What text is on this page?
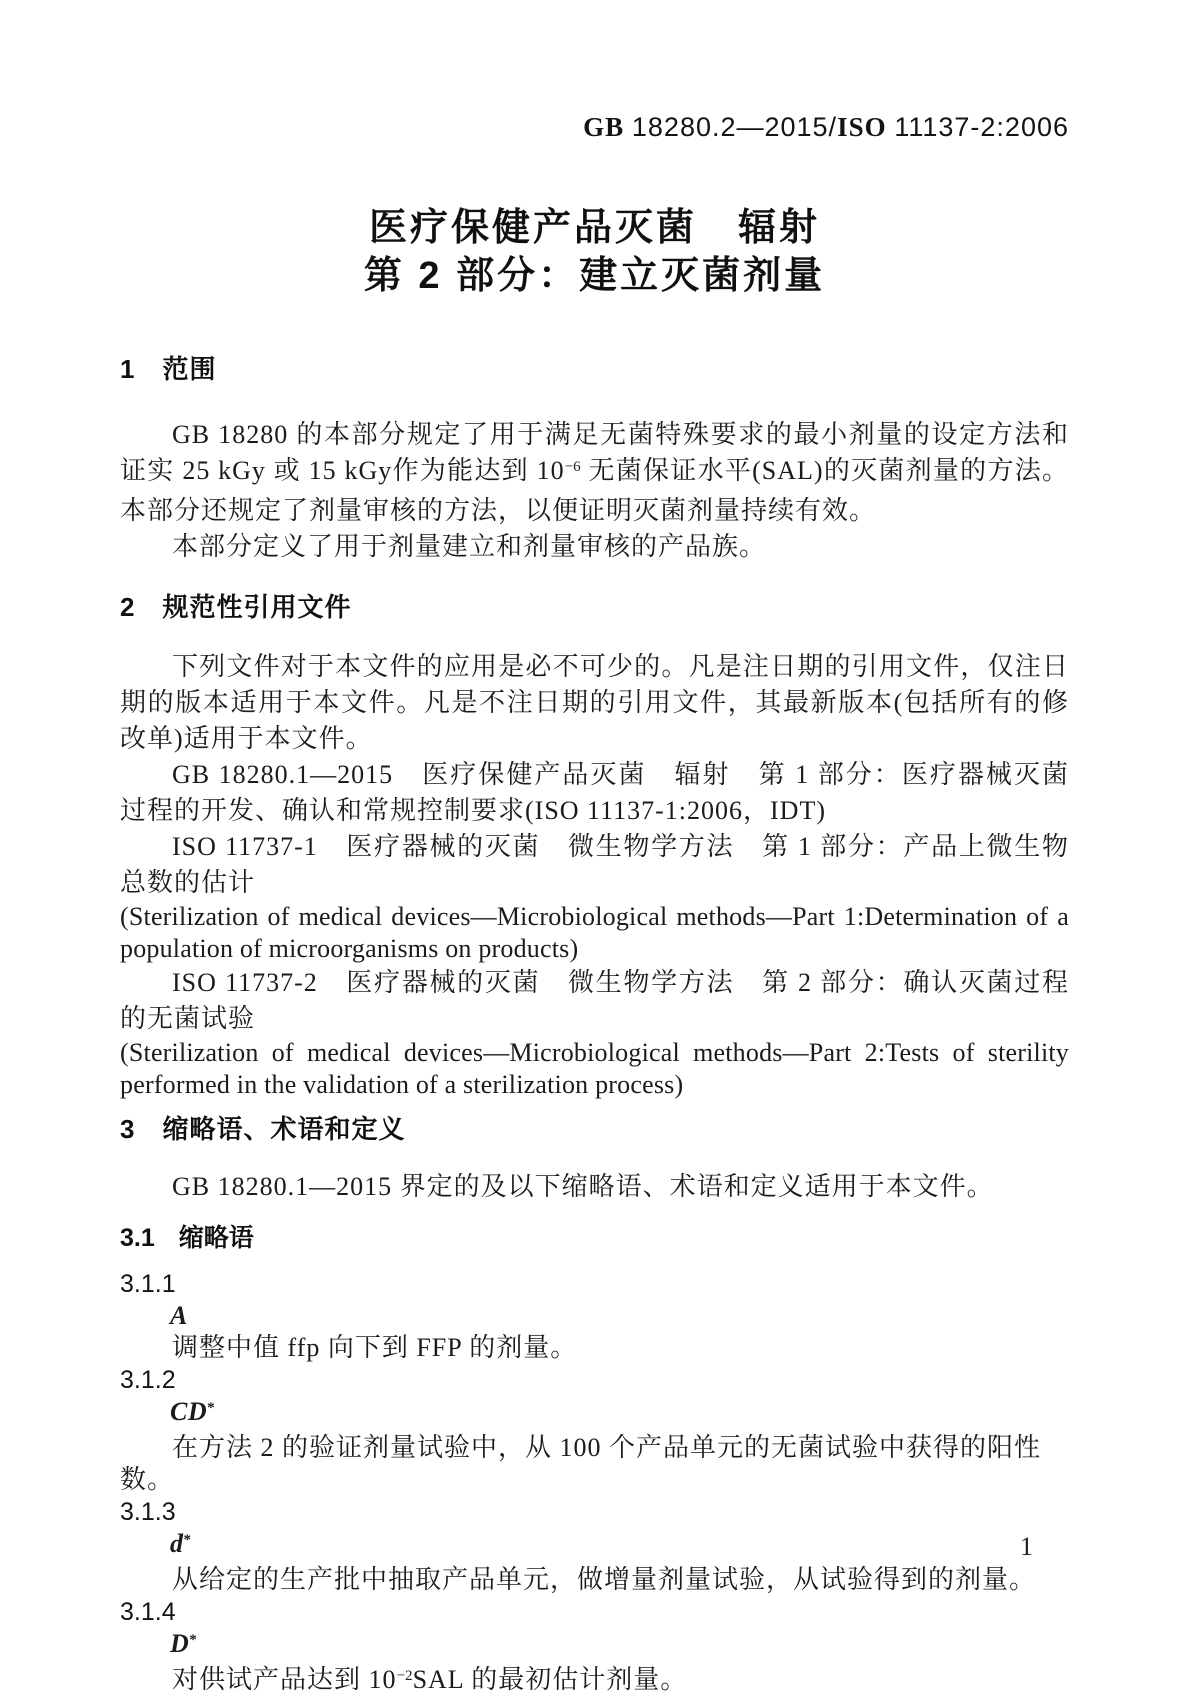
GB 18280.2—2015/ISO 11137-2:2006
医疗保健产品灭菌　辐射
第 2 部分：建立灭菌剂量
1 范围

GB 18280 的本部分规定了用于满足无菌特殊要求的最小剂量的设定方法和证实 25 kGy 或 15 kGy作为能达到 $10^{-6}$ 无菌保证水平(SAL)的灭菌剂量的方法。本部分还规定了剂量审核的方法，以便证明灭菌剂量持续有效。

本部分定义了用于剂量建立和剂量审核的产品族。

2 规范性引用文件

下列文件对于本文件的应用是必不可少的。凡是注日期的引用文件，仅注日期的版本适用于本文件。凡是不注日期的引用文件，其最新版本(包括所有的修改单)适用于本文件。

GB 18280.1—2015　医疗保健产品灭菌　辐射　第 1 部分：医疗器械灭菌过程的开发、确认和常规控制要求(ISO 11137-1:2006，IDT)

ISO 11737-1　医疗器械的灭菌　微生物学方法　第 1 部分：产品上微生物总数的估计

(Sterilization of medical devices—Microbiological methods—Part 1:Determination of a population of microorganisms on products)

ISO 11737-2　医疗器械的灭菌　微生物学方法　第 2 部分：确认灭菌过程的无菌试验

(Sterilization of medical devices—Microbiological methods—Part 2:Tests of sterility performed in the validation of a sterilization process)

3 缩略语、术语和定义

GB 18280.1—2015 界定的及以下缩略语、术语和定义适用于本文件。

3.1 缩略语
3.1.1
A
调整中值 ffp 向下到 FFP 的剂量。
3.1.2
CD*
在方法 2 的验证剂量试验中，从 100 个产品单元的无菌试验中获得的阳性数。
3.1.3
d*
从给定的生产批中抽取产品单元，做增量剂量试验，从试验得到的剂量。
3.1.4
D*
对供试产品达到 $10^{-2}SAL$ 的最初估计剂量。
1
